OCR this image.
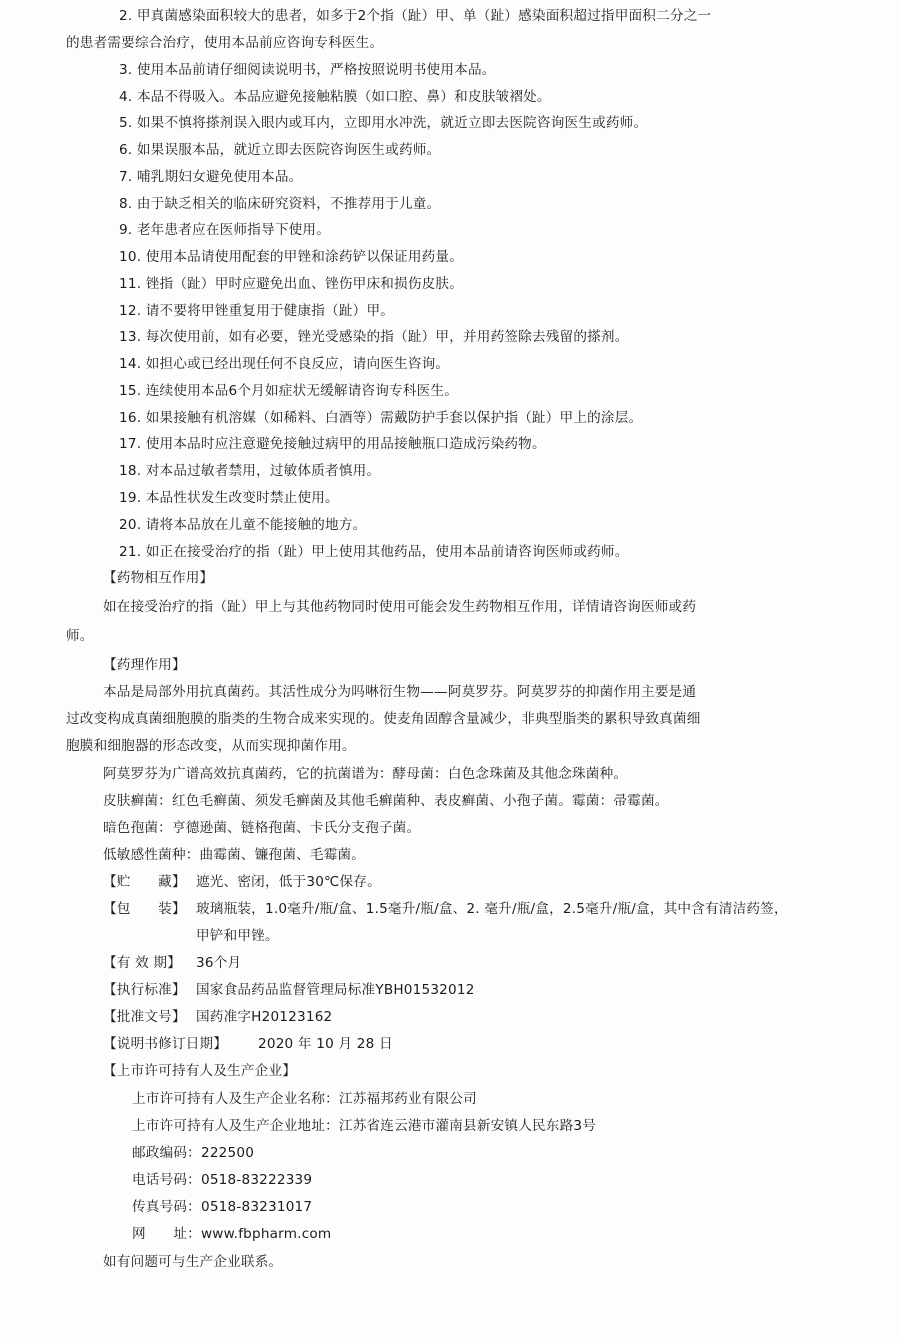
2. 甲真菌感染面积较大的患者，如多于2个指（趾）甲、单（趾）感染面积超过指甲面积二分之一
的患者需要综合治疗，使用本品前应咨询专科医生。
3. 使用本品前请仔细阅读说明书，严格按照说明书使用本品。
4. 本品不得吸入。本品应避免接触粘膜（如口腔、鼻）和皮肤皱褶处。
5. 如果不慎将搽剂误入眼内或耳内，立即用水冲洗，就近立即去医院咨询医生或药师。
6. 如果误服本品，就近立即去医院咨询医生或药师。
7. 哺乳期妇女避免使用本品。
8. 由于缺乏相关的临床研究资料，不推荐用于儿童。
9. 老年患者应在医师指导下使用。
10. 使用本品请使用配套的甲锉和涂药铲以保证用药量。
11. 锉指（趾）甲时应避免出血、锉伤甲床和损伤皮肤。
12. 请不要将甲锉重复用于健康指（趾）甲。
13. 每次使用前，如有必要，锉光受感染的指（趾）甲，并用药签除去残留的搽剂。
14. 如担心或已经出现任何不良反应，请向医生咨询。
15. 连续使用本品6个月如症状无缓解请咨询专科医生。
16. 如果接触有机溶媒（如稀料、白酒等）需戴防护手套以保护指（趾）甲上的涂层。
17. 使用本品时应注意避免接触过病甲的用品接触瓶口造成污染药物。
18. 对本品过敏者禁用，过敏体质者慎用。
19. 本品性状发生改变时禁止使用。
20. 请将本品放在儿童不能接触的地方。
21. 如正在接受治疗的指（趾）甲上使用其他药品，使用本品前请咨询医师或药师。
【药物相互作用】
如在接受治疗的指（趾）甲上与其他药物同时使用可能会发生药物相互作用，详情请咨询医师或药
师。
【药理作用】
本品是局部外用抗真菌药。其活性成分为吗啉衍生物——阿莫罗芬。阿莫罗芬的抑菌作用主要是通
过改变构成真菌细胞膜的脂类的生物合成来实现的。使麦角固醇含量减少，非典型脂类的累积导致真菌细
胞膜和细胞器的形态改变，从而实现抑菌作用。
阿莫罗芬为广谱高效抗真菌药，它的抗菌谱为：酵母菌：白色念珠菌及其他念珠菌种。
皮肤癣菌：红色毛癣菌、须发毛癣菌及其他毛癣菌种、表皮癣菌、小孢子菌。霉菌：帚霉菌。
暗色孢菌：亨德逊菌、链格孢菌、卡氏分支孢子菌。
低敏感性菌种：曲霉菌、镰孢菌、毛霉菌。
【贮　　藏】 遮光、密闭，低于30℃保存。
【包　　装】 玻璃瓶装，1.0毫升/瓶/盒、1.5毫升/瓶/盒、2. 毫升/瓶/盒，2.5毫升/瓶/盒，其中含有清洁药签，
甲铲和甲锉。
【有 效 期】 36个月
【执行标准】 国家食品药品监督管理局标准YBH01532012
【批准文号】 国药准字H20123162
【说明书修订日期】 2020 年 10 月 28 日
【上市许可持有人及生产企业】
上市许可持有人及生产企业名称：江苏福邦药业有限公司
上市许可持有人及生产企业地址：江苏省连云港市灌南县新安镇人民东路3号
邮政编码：222500
电话号码：0518-83222339
传真号码：0518-83231017
网　　址：www.fbpharm.com
如有问题可与生产企业联系。
